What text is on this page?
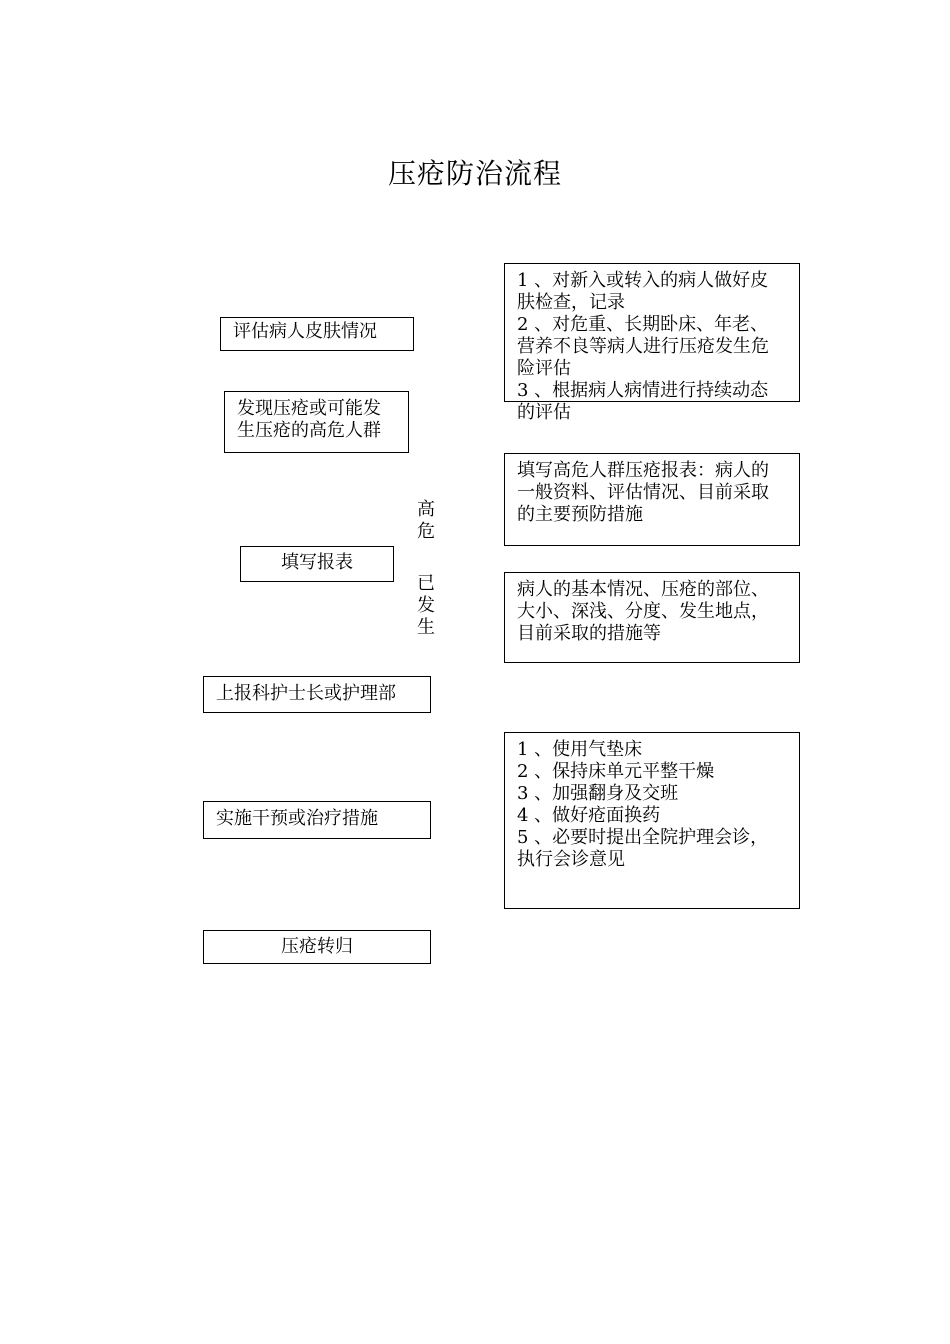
压疮防治流程
评估病人皮肤情况
发现压疮或可能发
生压疮的高危人群
填写报表
上报科护士长或护理部
实施干预或治疗措施
压疮转归
高
危
已
发
生
1 、对新入或转入的病人做好皮
肤检查，记录
2 、对危重、长期卧床、年老、
营养不良等病人进行压疮发生危
险评估
3 、根据病人病情进行持续动态
的评估
填写高危人群压疮报表：病人的
一般资料、评估情况、目前采取
的主要预防措施
病人的基本情况、压疮的部位、
大小、深浅、分度、发生地点，
目前采取的措施等
1 、使用气垫床
2 、保持床单元平整干燥
3 、加强翻身及交班
4 、做好疮面换药
5 、必要时提出全院护理会诊，
执行会诊意见
